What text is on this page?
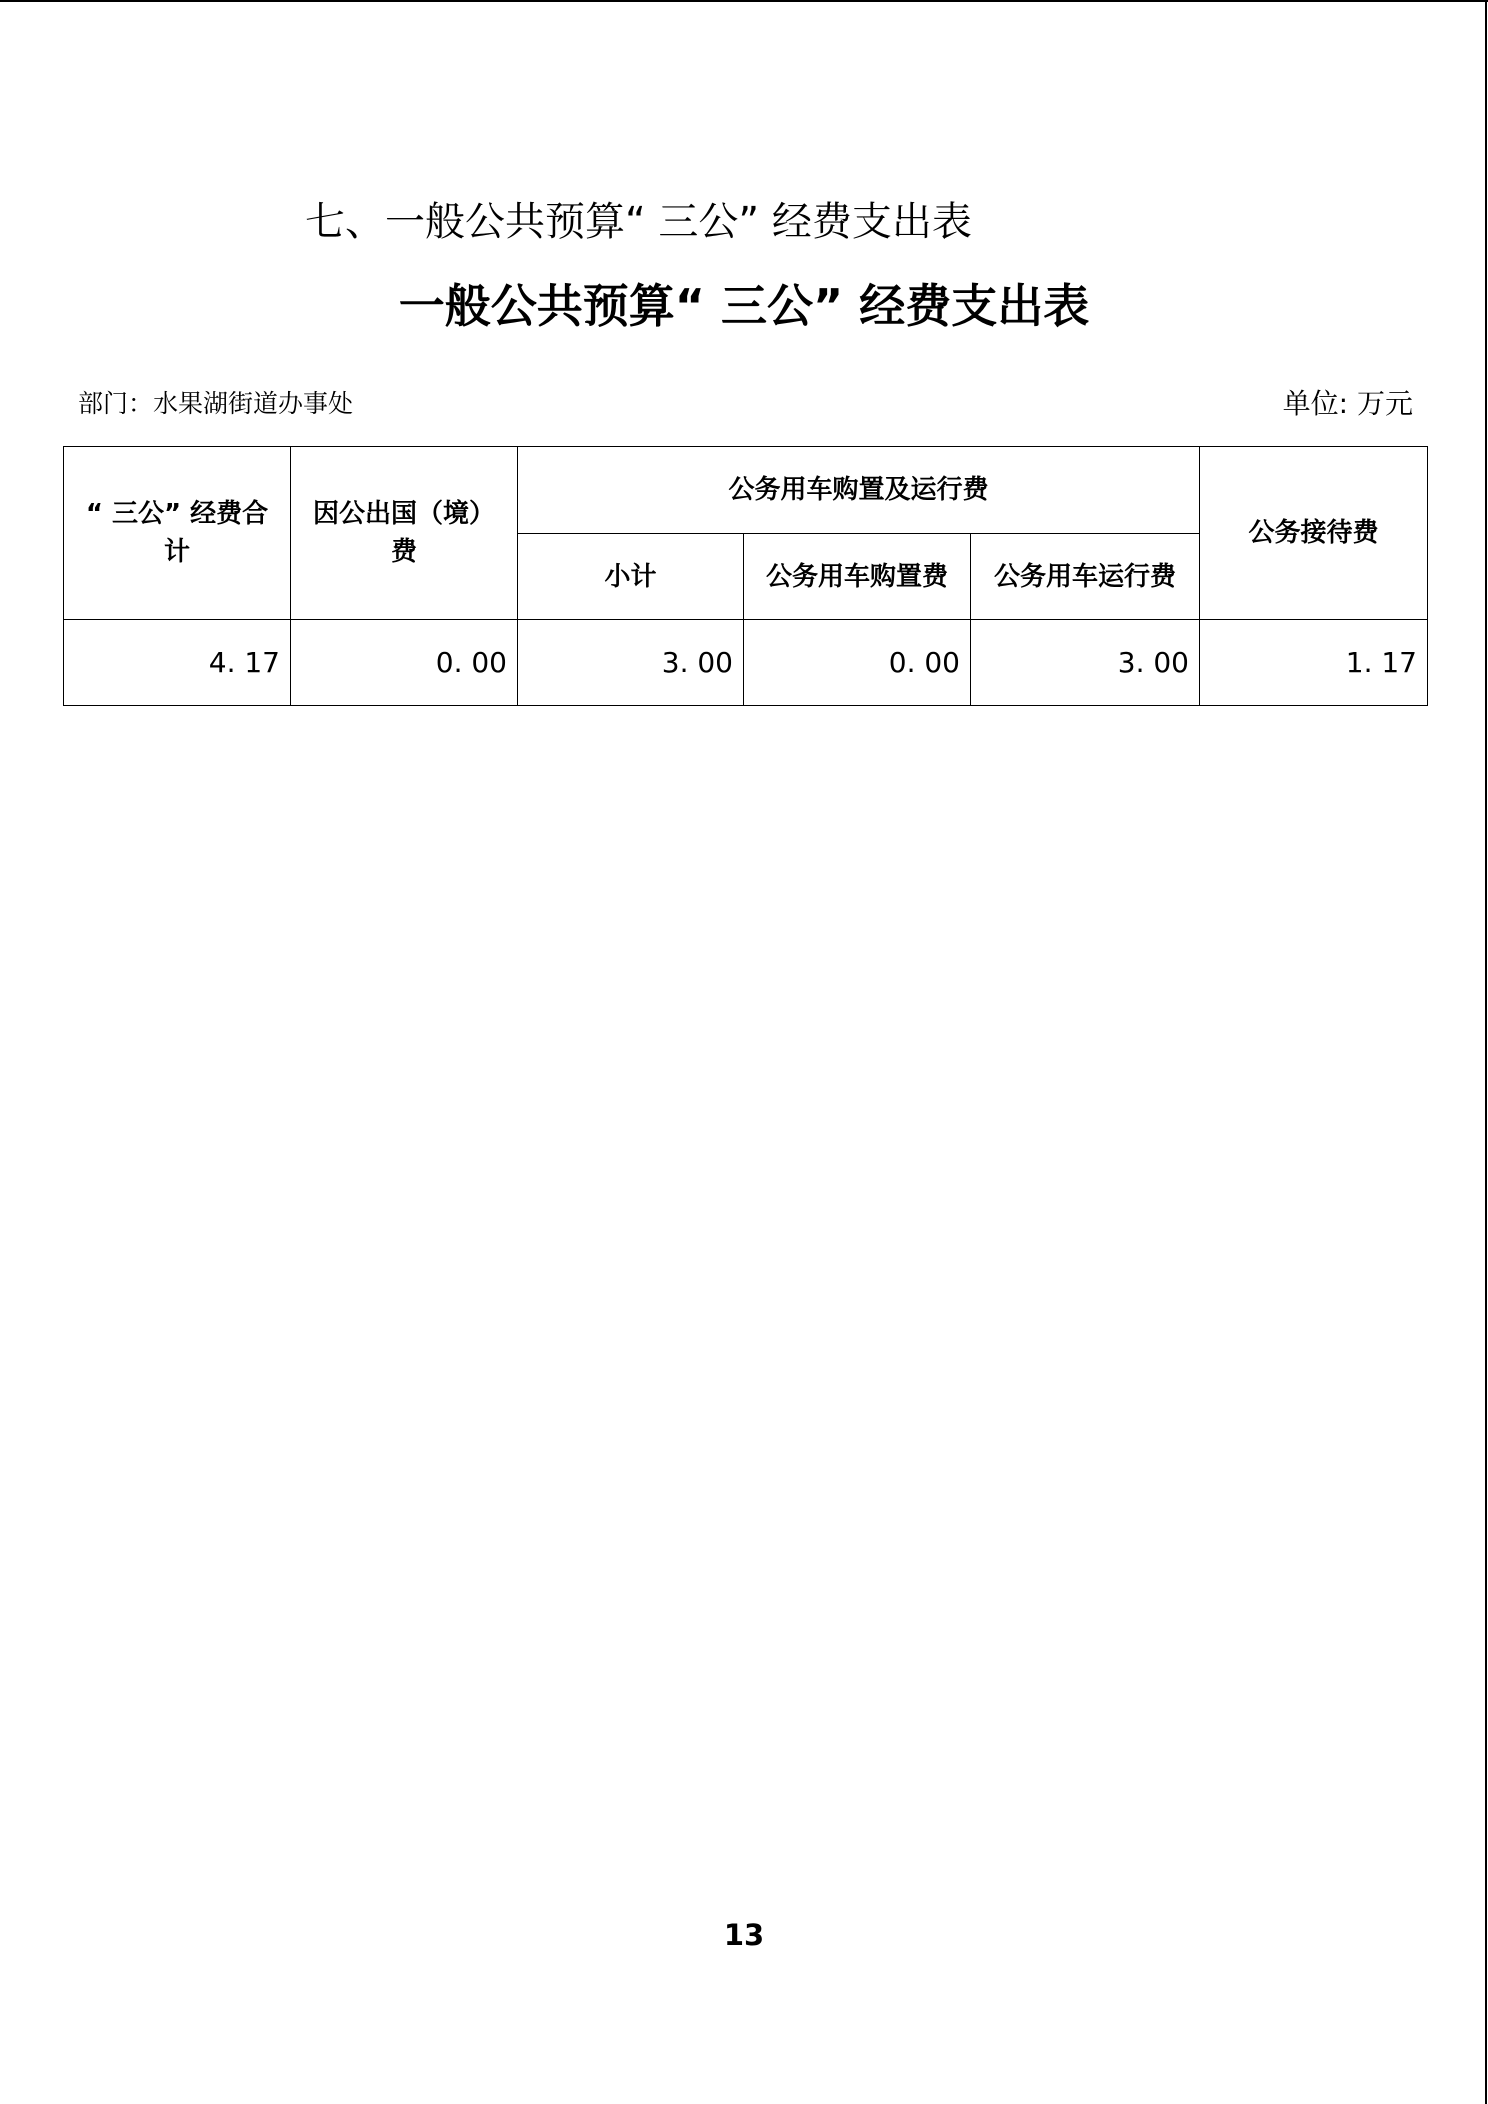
七、一般公共预算“ 三公” 经费支出表
一般公共预算“ 三公” 经费支出表
部门：水果湖街道办事处	单位: 万元
“ 三公” 经费合计	因公出国（境）费	公务用车购置及运行费			公务接待费
		小计	公务用车购置费	公务用车运行费	
4. 17	0. 00	3. 00	0. 00	3. 00	1. 17
13
